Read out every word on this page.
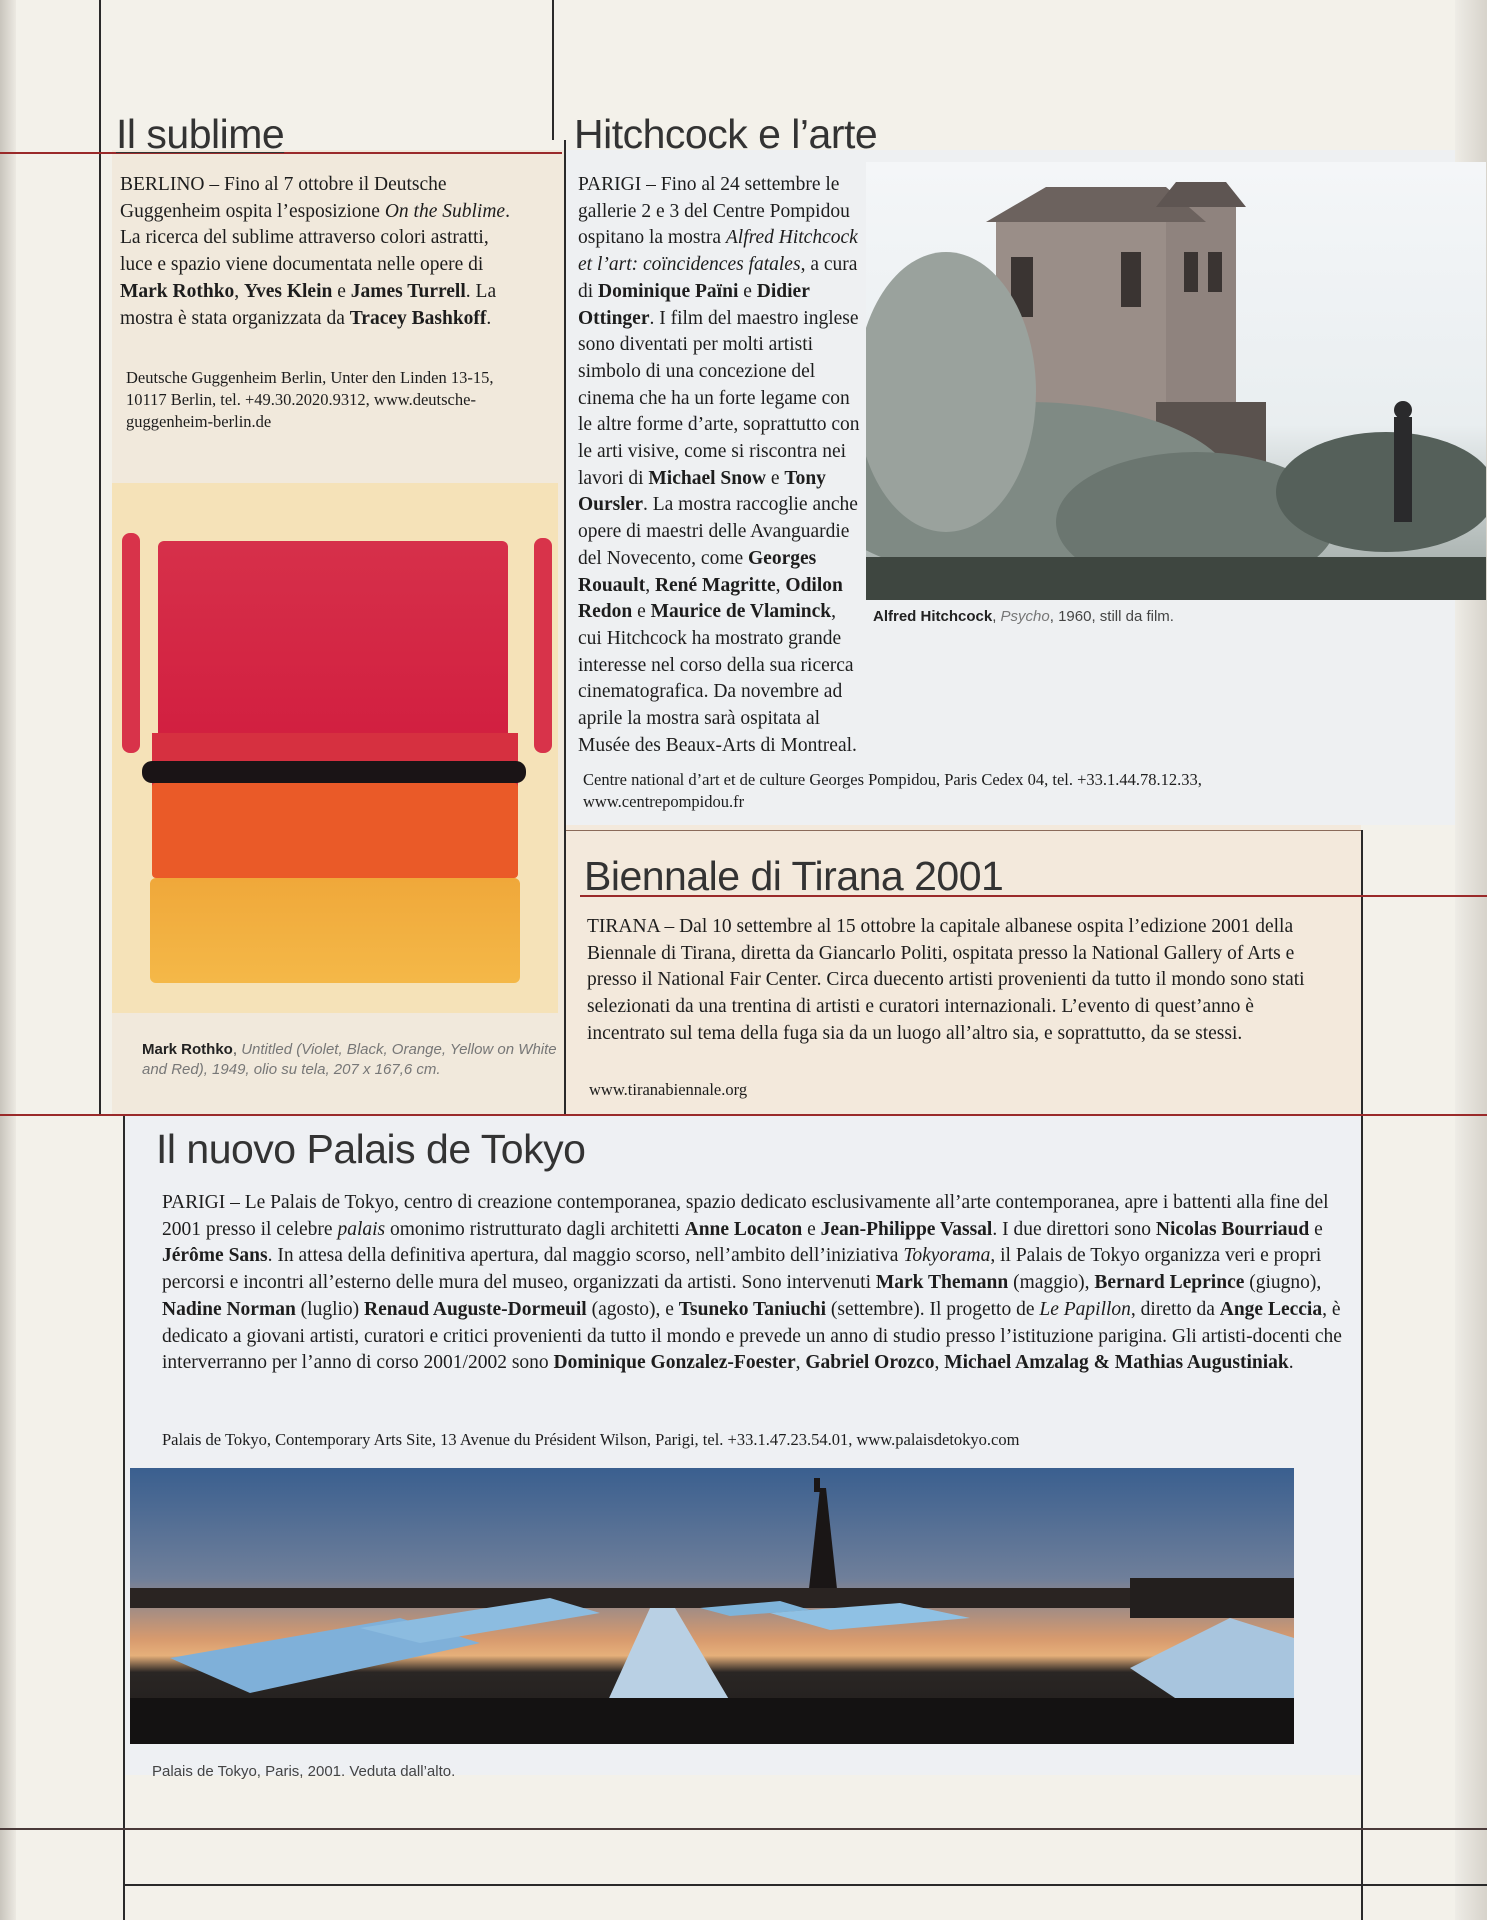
Il sublime
BERLINO – Fino al 7 ottobre il Deutsche Guggenheim ospita l’esposizione On the Sublime. La ricerca del sublime attraverso colori astratti, luce e spazio viene documentata nelle opere di Mark Rothko, Yves Klein e James Turrell. La mostra è stata organizzata da Tracey Bashkoff.
Deutsche Guggenheim Berlin, Unter den Linden 13-15, 10117 Berlin, tel. +49.30.2020.9312, www.deutsche-guggenheim-berlin.de
Mark Rothko, Untitled (Violet, Black, Orange, Yellow on White and Red), 1949, olio su tela, 207 x 167,6 cm.
Hitchcock e l’arte
PARIGI – Fino al 24 settembre le gallerie 2 e 3 del Centre Pompidou ospitano la mostra Alfred Hitchcock et l’art: coïncidences fatales, a cura di Dominique Païni e Didier Ottinger. I film del maestro inglese sono diventati per molti artisti simbolo di una concezione del cinema che ha un forte legame con le altre forme d’arte, soprattutto con le arti visive, come si riscontra nei lavori di Michael Snow e Tony Oursler. La mostra raccoglie anche opere di maestri delle Avanguardie del Novecento, come Georges Rouault, René Magritte, Odilon Redon e Maurice de Vlaminck, cui Hitchcock ha mostrato grande interesse nel corso della sua ricerca cinematografica. Da novembre ad aprile la mostra sarà ospitata al Musée des Beaux-Arts di Montreal.
Alfred Hitchcock, Psycho, 1960, still da film.
Centre national d’art et de culture Georges Pompidou, Paris Cedex 04, tel. +33.1.44.78.12.33, www.centrepompidou.fr
Biennale di Tirana 2001
TIRANA – Dal 10 settembre al 15 ottobre la capitale albanese ospita l’edizione 2001 della Biennale di Tirana, diretta da Giancarlo Politi, ospitata presso la National Gallery of Arts e presso il National Fair Center. Circa duecento artisti provenienti da tutto il mondo sono stati selezionati da una trentina di artisti e curatori internazionali. L’evento di quest’anno è incentrato sul tema della fuga sia da un luogo all’altro sia, e soprattutto, da se stessi.
www.tiranabiennale.org
Il nuovo Palais de Tokyo
PARIGI – Le Palais de Tokyo, centro di creazione contemporanea, spazio dedicato esclusivamente all’arte contemporanea, apre i battenti alla fine del 2001 presso il celebre palais omonimo ristrutturato dagli architetti Anne Locaton e Jean-Philippe Vassal. I due direttori sono Nicolas Bourriaud e Jérôme Sans. In attesa della definitiva apertura, dal maggio scorso, nell’ambito dell’iniziativa Tokyorama, il Palais de Tokyo organizza veri e propri percorsi e incontri all’esterno delle mura del museo, organizzati da artisti. Sono intervenuti Mark Themann (maggio), Bernard Leprince (giugno), Nadine Norman (luglio) Renaud Auguste-Dormeuil (agosto), e Tsuneko Taniuchi (settembre). Il progetto de Le Papillon, diretto da Ange Leccia, è dedicato a giovani artisti, curatori e critici provenienti da tutto il mondo e prevede un anno di studio presso l’istituzione parigina. Gli artisti-docenti che interverranno per l’anno di corso 2001/2002 sono Dominique Gonzalez-Foester, Gabriel Orozco, Michael Amzalag & Mathias Augustiniak.
Palais de Tokyo, Contemporary Arts Site, 13 Avenue du Président Wilson, Parigi, tel. +33.1.47.23.54.01, www.palaisdetokyo.com
Palais de Tokyo, Paris, 2001. Veduta dall’alto.
